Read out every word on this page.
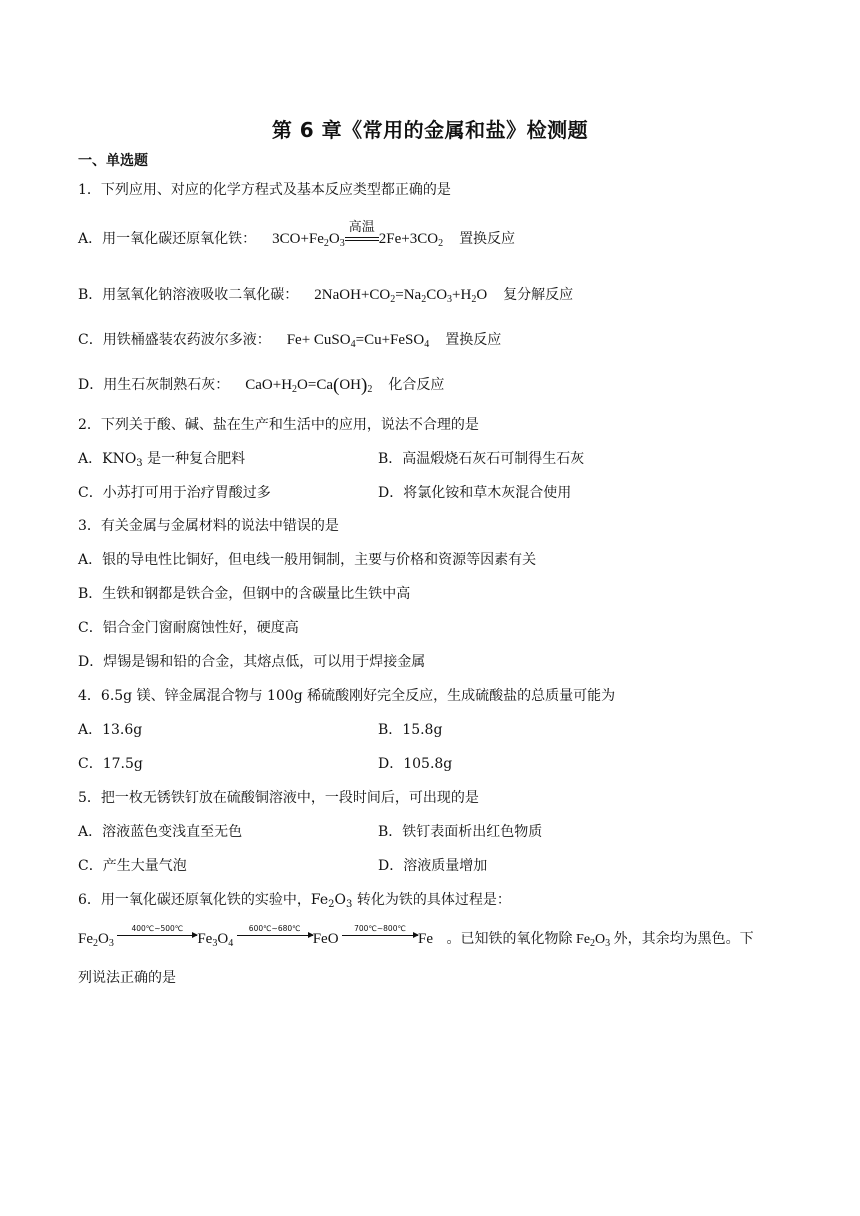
第 6 章《常用的金属和盐》检测题
一、单选题
1．下列应用、对应的化学方程式及基本反应类型都正确的是
A．用一氧化碳还原氧化铁： $3CO+Fe_2O_3$
高温
$2Fe+3CO_2$ 置换反应
B．用氢氧化钠溶液吸收二氧化碳： $2NaOH+CO_2=Na_2CO_3+H_2O$ 复分解反应
C．用铁桶盛装农药波尔多液： Fe+ CuSO$_4$=Cu+FeSO$_4$ 置换反应
D．用生石灰制熟石灰： $CaO+H_2O=Ca(OH)_2$ 化合反应
2．下列关于酸、碱、盐在生产和生活中的应用，说法不合理的是
A．$KNO_3$ 是一种复合肥料	B．高温煅烧石灰石可制得生石灰
C．小苏打可用于治疗胃酸过多	D．将氯化铵和草木灰混合使用
3．有关金属与金属材料的说法中错误的是
A．银的导电性比铜好，但电线一般用铜制，主要与价格和资源等因素有关
B．生铁和钢都是铁合金，但钢中的含碳量比生铁中高
C．铝合金门窗耐腐蚀性好，硬度高
D．焊锡是锡和铅的合金，其熔点低，可以用于焊接金属
4．6.5g 镁、锌金属混合物与 100g 稀硫酸刚好完全反应，生成硫酸盐的总质量可能为
A．13.6g	B．15.8g
C．17.5g	D．105.8g
5．把一枚无锈铁钉放在硫酸铜溶液中，一段时间后，可出现的是
A．溶液蓝色变浅直至无色	B．铁钉表面析出红色物质
C．产生大量气泡	D．溶液质量增加
6．用一氧化碳还原氧化铁的实验中，$Fe_2O_3$ 转化为铁的具体过程是：
$Fe_2O_3$
400℃~500℃
$Fe_3O_4$
600℃~680℃
FeO
700℃~800℃
Fe 。已知铁的氧化物除 $Fe_2O_3$ 外，其余均为黑色。下
列说法正确的是
